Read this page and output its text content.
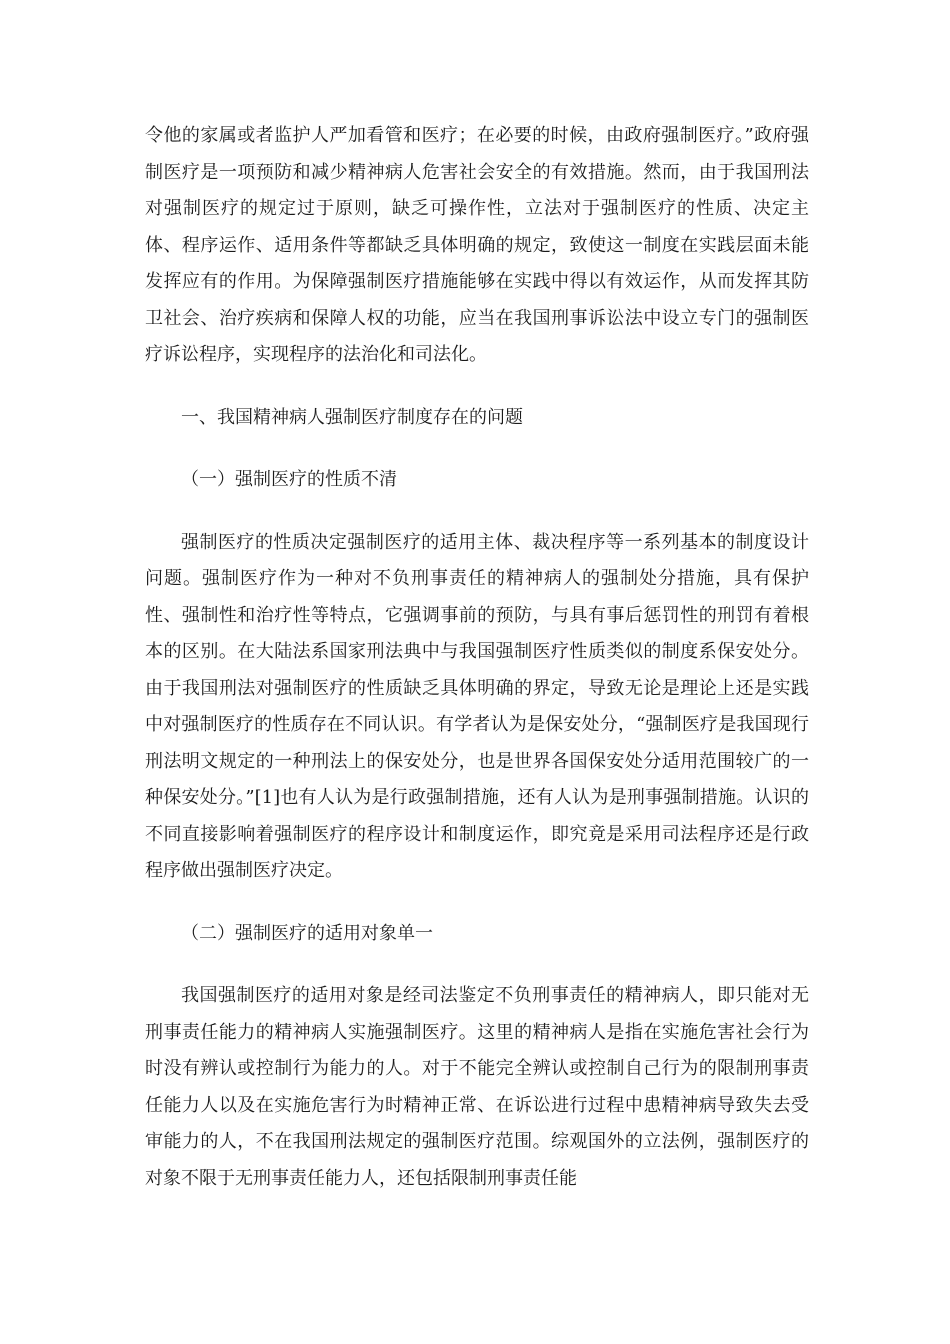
令他的家属或者监护人严加看管和医疗；在必要的时候，由政府强制医疗。”政府强制医疗是一项预防和减少精神病人危害社会安全的有效措施。然而，由于我国刑法对强制医疗的规定过于原则，缺乏可操作性，立法对于强制医疗的性质、决定主体、程序运作、适用条件等都缺乏具体明确的规定，致使这一制度在实践层面未能发挥应有的作用。为保障强制医疗措施能够在实践中得以有效运作，从而发挥其防卫社会、治疗疾病和保障人权的功能，应当在我国刑事诉讼法中设立专门的强制医疗诉讼程序，实现程序的法治化和司法化。

一、我国精神病人强制医疗制度存在的问题

（一）强制医疗的性质不清

强制医疗的性质决定强制医疗的适用主体、裁决程序等一系列基本的制度设计问题。强制医疗作为一种对不负刑事责任的精神病人的强制处分措施，具有保护性、强制性和治疗性等特点，它强调事前的预防，与具有事后惩罚性的刑罚有着根本的区别。在大陆法系国家刑法典中与我国强制医疗性质类似的制度系保安处分。由于我国刑法对强制医疗的性质缺乏具体明确的界定，导致无论是理论上还是实践中对强制医疗的性质存在不同认识。有学者认为是保安处分，“强制医疗是我国现行刑法明文规定的一种刑法上的保安处分，也是世界各国保安处分适用范围较广的一种保安处分。”[1]也有人认为是行政强制措施，还有人认为是刑事强制措施。认识的不同直接影响着强制医疗的程序设计和制度运作，即究竟是采用司法程序还是行政程序做出强制医疗决定。

（二）强制医疗的适用对象单一

我国强制医疗的适用对象是经司法鉴定不负刑事责任的精神病人，即只能对无刑事责任能力的精神病人实施强制医疗。这里的精神病人是指在实施危害社会行为时没有辨认或控制行为能力的人。对于不能完全辨认或控制自己行为的限制刑事责任能力人以及在实施危害行为时精神正常、在诉讼进行过程中患精神病导致失去受审能力的人，不在我国刑法规定的强制医疗范围。综观国外的立法例，强制医疗的对象不限于无刑事责任能力人，还包括限制刑事责任能
